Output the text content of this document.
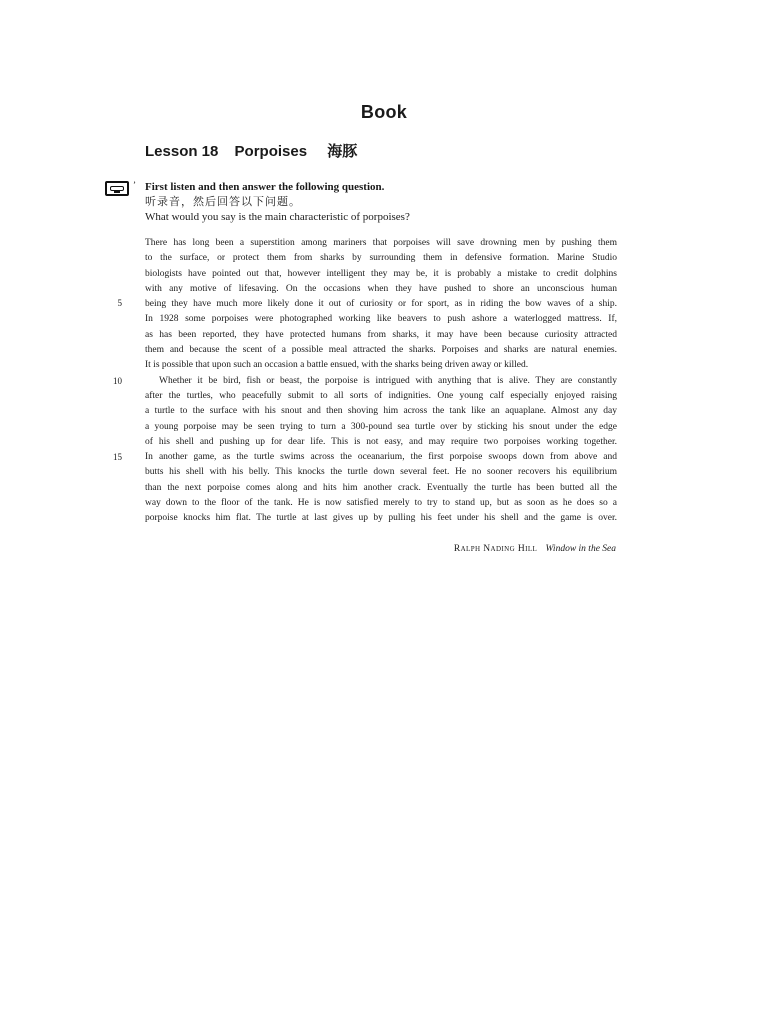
Book
Lesson 18 Porpoises 海豚
’ First listen and then answer the following question.
听录音，然后回答以下问题。
What would you say is the main characteristic of porpoises?
There has long been a superstition among mariners that porpoises will save drowning men by pushing them
to the surface, or protect them from sharks by surrounding them in defensive formation. Marine Studio
biologists have pointed out that, however intelligent they may be, it is probably a mistake to credit dolphins
with any motive of lifesaving. On the occasions when they have pushed to shore an unconscious human
being they have much more likely done it out of curiosity or for sport, as in riding the bow waves of a ship.
In 1928 some porpoises were photographed working like beavers to push ashore a waterlogged mattress. If,
as has been reported, they have protected humans from sharks, it may have been because curiosity attracted
them and because the scent of a possible meal attracted the sharks. Porpoises and sharks are natural enemies.
It is possible that upon such an occasion a battle ensued, with the sharks being driven away or killed.
Whether it be bird, fish or beast, the porpoise is intrigued with anything that is alive. They are constantly
after the turtles, who peacefully submit to all sorts of indignities. One young calf especially enjoyed raising
a turtle to the surface with his snout and then shoving him across the tank like an aquaplane. Almost any day
a young porpoise may be seen trying to turn a 300-pound sea turtle over by sticking his snout under the edge
of his shell and pushing up for dear life. This is not easy, and may require two porpoises working together.
In another game, as the turtle swims across the oceanarium, the first porpoise swoops down from above and
butts his shell with his belly. This knocks the turtle down several feet. He no sooner recovers his equilibrium
than the next porpoise comes along and hits him another crack. Eventually the turtle has been butted all the
way down to the floor of the tank. He is now satisfied merely to try to stand up, but as soon as he does so a
porpoise knocks him flat. The turtle at last gives up by pulling his feet under his shell and the game is over.
5
10
15
Ralph Nading Hill Window in the Sea
